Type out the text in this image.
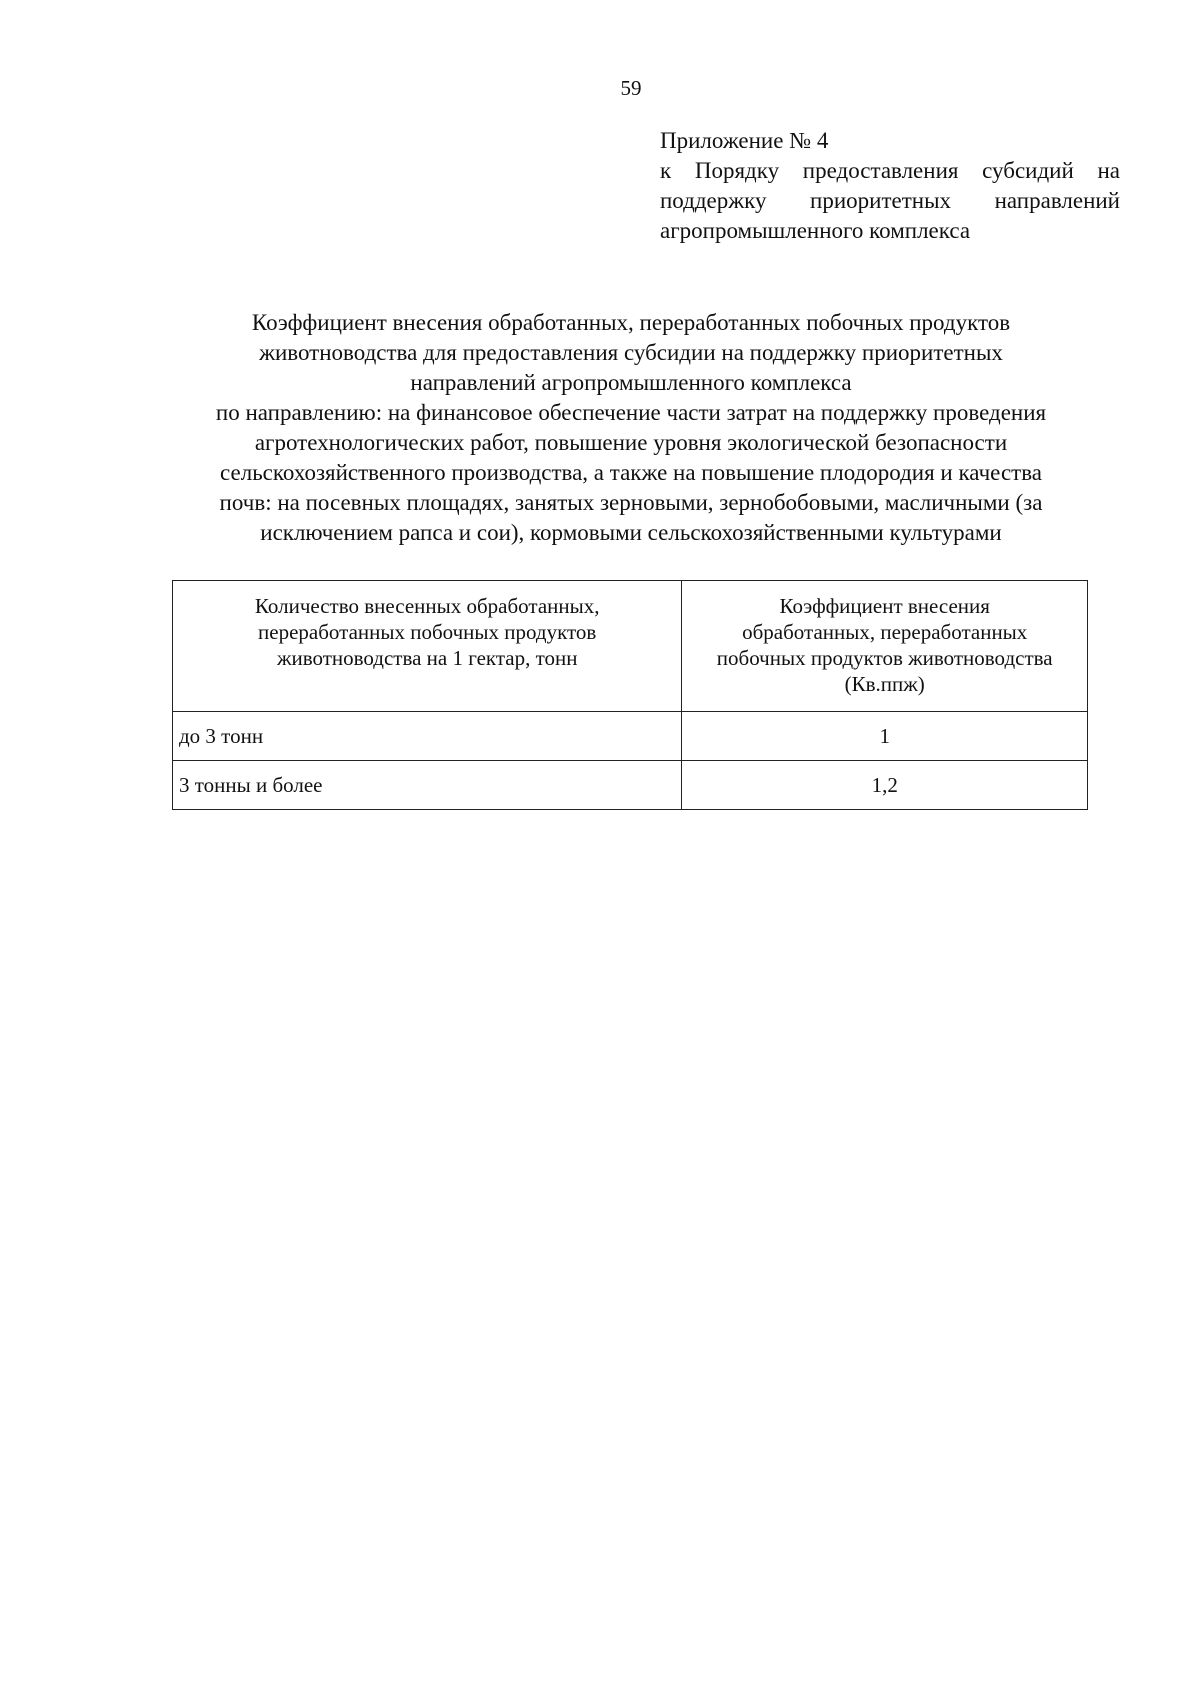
59
Приложение № 4
к Порядку предоставления субсидий на
поддержку приоритетных направлений
агропромышленного комплекса
Коэффициент внесения обработанных, переработанных побочных продуктов
животноводства для предоставления субсидии на поддержку приоритетных
направлений агропромышленного комплекса
по направлению: на финансовое обеспечение части затрат на поддержку проведения
агротехнологических работ, повышение уровня экологической безопасности
сельскохозяйственного производства, а также на повышение плодородия и качества
почв: на посевных площадях, занятых зерновыми, зернобобовыми, масличными (за
исключением рапса и сои), кормовыми сельскохозяйственными культурами
Количество внесенных обработанных,
переработанных побочных продуктов
животноводства на 1 гектар, тонн	Коэффициент внесения
обработанных, переработанных
побочных продуктов животноводства
(Кв.ппж)

до 3 тонн	1
3 тонны и более	1,2
